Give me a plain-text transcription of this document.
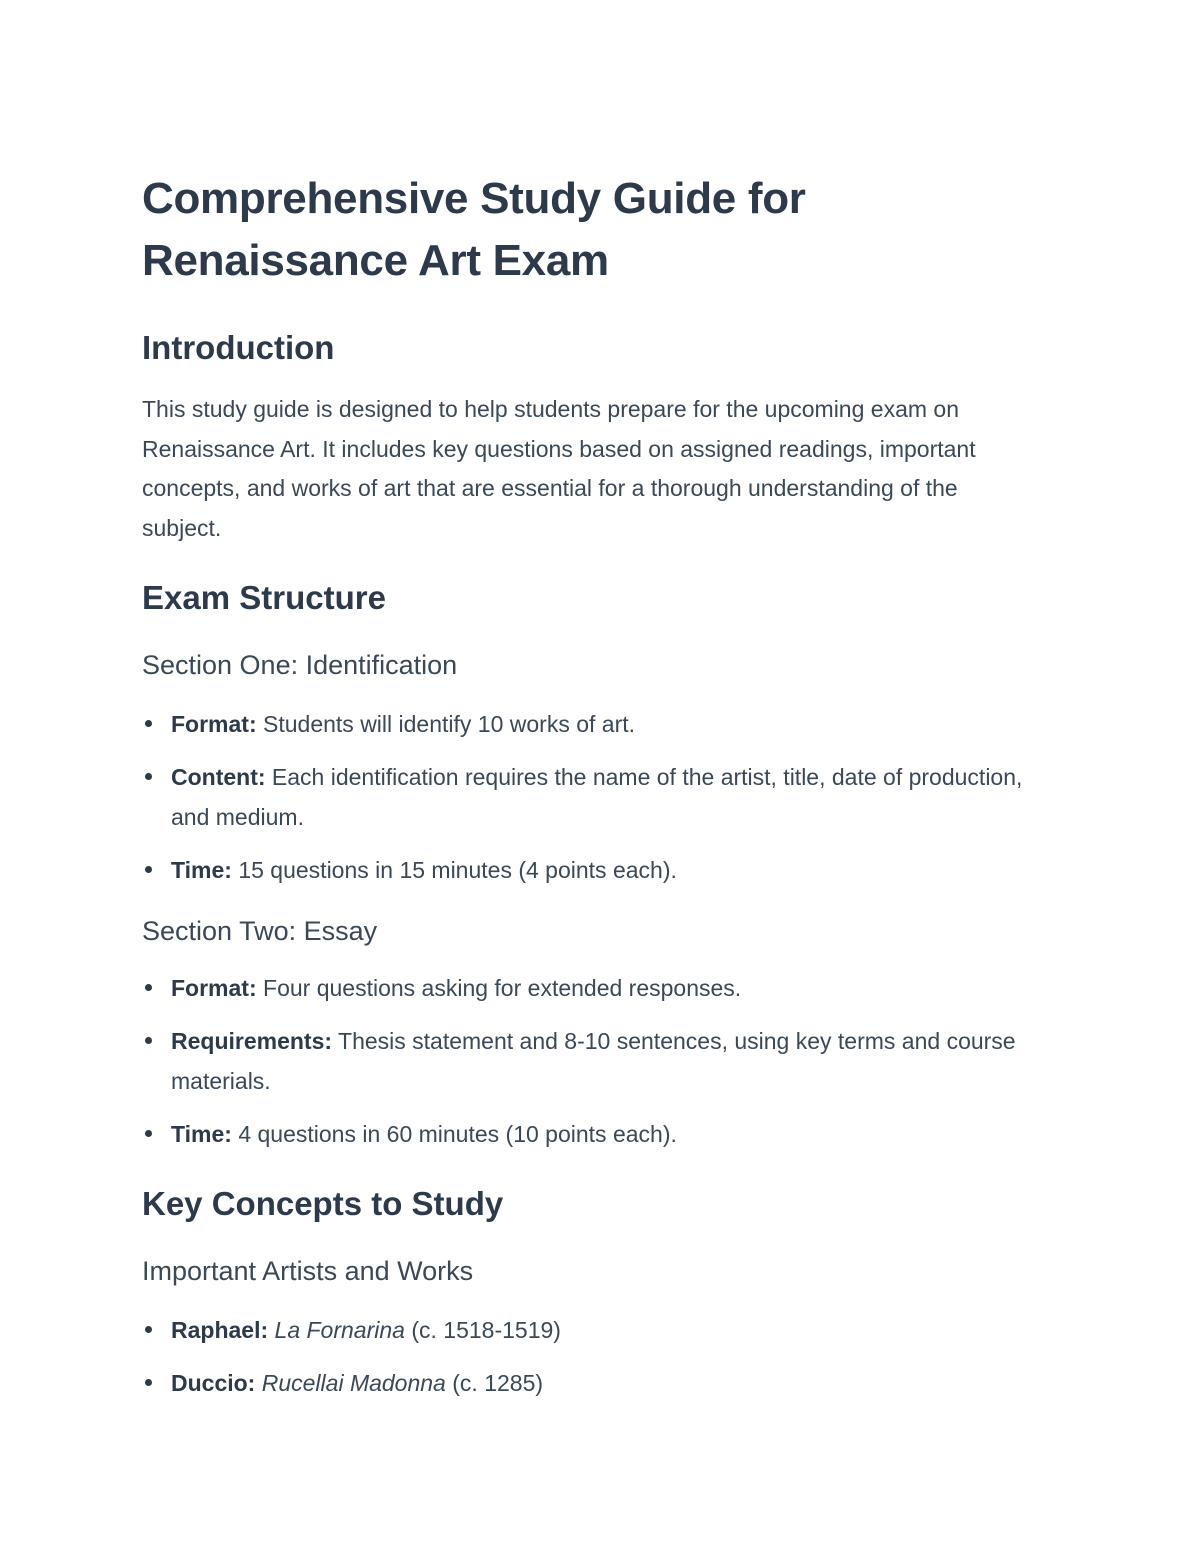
Comprehensive Study Guide for Renaissance Art Exam
Introduction

This study guide is designed to help students prepare for the upcoming exam on Renaissance Art. It includes key questions based on assigned readings, important concepts, and works of art that are essential for a thorough understanding of the subject.

Exam Structure
Section One: Identification
Format: Students will identify 10 works of art.
Content: Each identification requires the name of the artist, title, date of production, and medium.
Time: 15 questions in 15 minutes (4 points each).
Section Two: Essay
Format: Four questions asking for extended responses.
Requirements: Thesis statement and 8-10 sentences, using key terms and course materials.
Time: 4 questions in 60 minutes (10 points each).
Key Concepts to Study
Important Artists and Works
Raphael: La Fornarina (c. 1518-1519)
Duccio: Rucellai Madonna (c. 1285)
